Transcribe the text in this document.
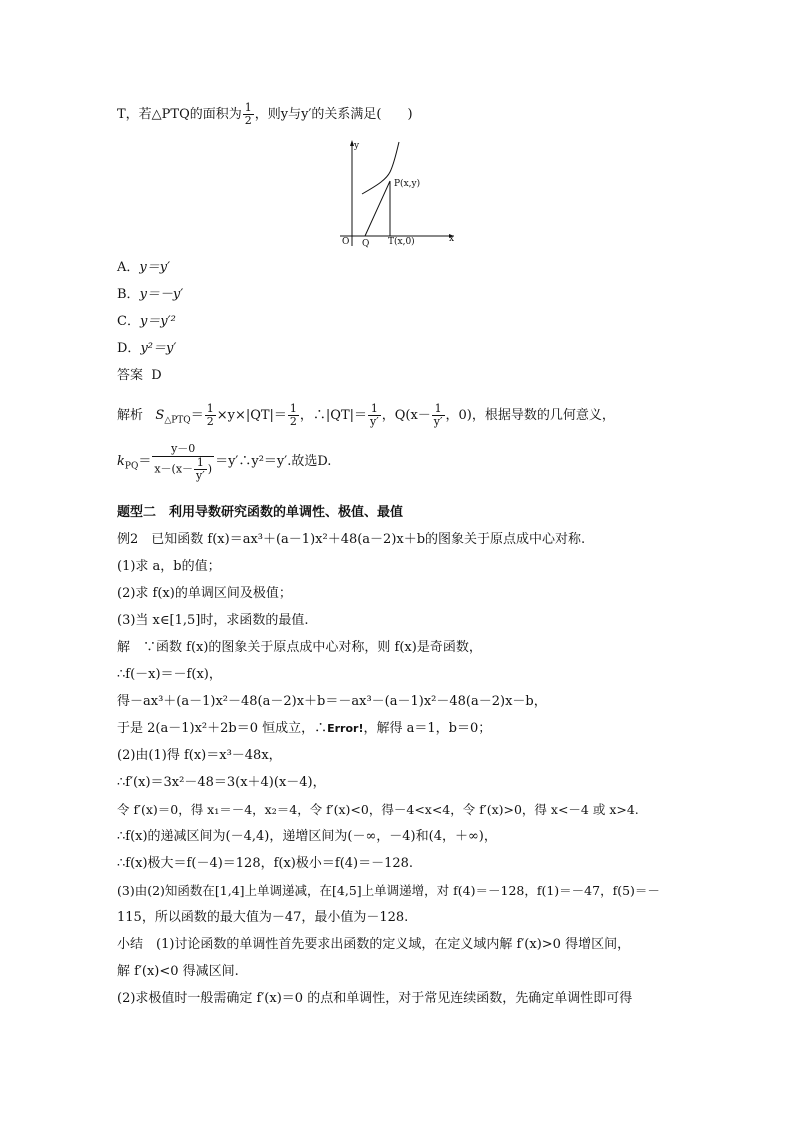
T，若△PTQ的面积为 $\frac{1}{2}$ ，则y与y′的关系满足(　　)
y
x
O
P(x,y)
Q T(x,0)
A．y＝y′
B．y＝－y′
C．y＝y′²
D．y²＝y′
答案 D
解析 $S_{\triangle PTQ}= \frac{1}{2} \times y\times|QT|= \frac{1}{2}$ ，∴|QT|＝ $\frac{1}{y'}$ ，$Q(x- \frac{1}{y'}$ ，0)，根据导数的几何意义，
$k_{PQ}= \frac{y-0}{x-(x- \frac{1}{y'} )}$ ＝y′∴y²＝y′.故选D.
题型二　利用导数研究函数的单调性、极值、最值
例2　已知函数 f(x)＝ax³＋(a－1)x²＋48(a－2)x＋b的图象关于原点成中心对称.
(1)求 a，b的值；
(2)求 f(x)的单调区间及极值；
(3)当 x∈[1,5]时，求函数的最值.
解　∵函数 f(x)的图象关于原点成中心对称，则 f(x)是奇函数，
∴f(－x)＝－f(x)，
得－ax³＋(a－1)x²－48(a－2)x＋b＝－ax³－(a－1)x²－48(a－2)x－b，
于是 2(a－1)x²＋2b＝0 恒成立，∴Error!，解得 a＝1，b＝0；
(2)由(1)得 f(x)＝x³－48x，
∴f′(x)＝3x²－48＝3(x＋4)(x－4)，
令 f′(x)＝0，得 x₁＝－4，x₂＝4，令 f′(x)<0，得－4<x<4，令 f′(x)>0，得 x<－4 或 x>4.
∴f(x)的递减区间为(－4,4)，递增区间为(－∞，－4)和(4，＋∞)，
∴f(x)极大＝f(－4)＝128，f(x)极小＝f(4)＝－128.
(3)由(2)知函数在[1,4]上单调递减，在[4,5]上单调递增，对 f(4)＝－128，f(1)＝－47，f(5)＝－
115，所以函数的最大值为－47，最小值为－128.
小结　(1)讨论函数的单调性首先要求出函数的定义域，在定义域内解 f′(x)>0 得增区间，
解 f′(x)<0 得减区间.
(2)求极值时一般需确定 f′(x)＝0 的点和单调性，对于常见连续函数，先确定单调性即可得
